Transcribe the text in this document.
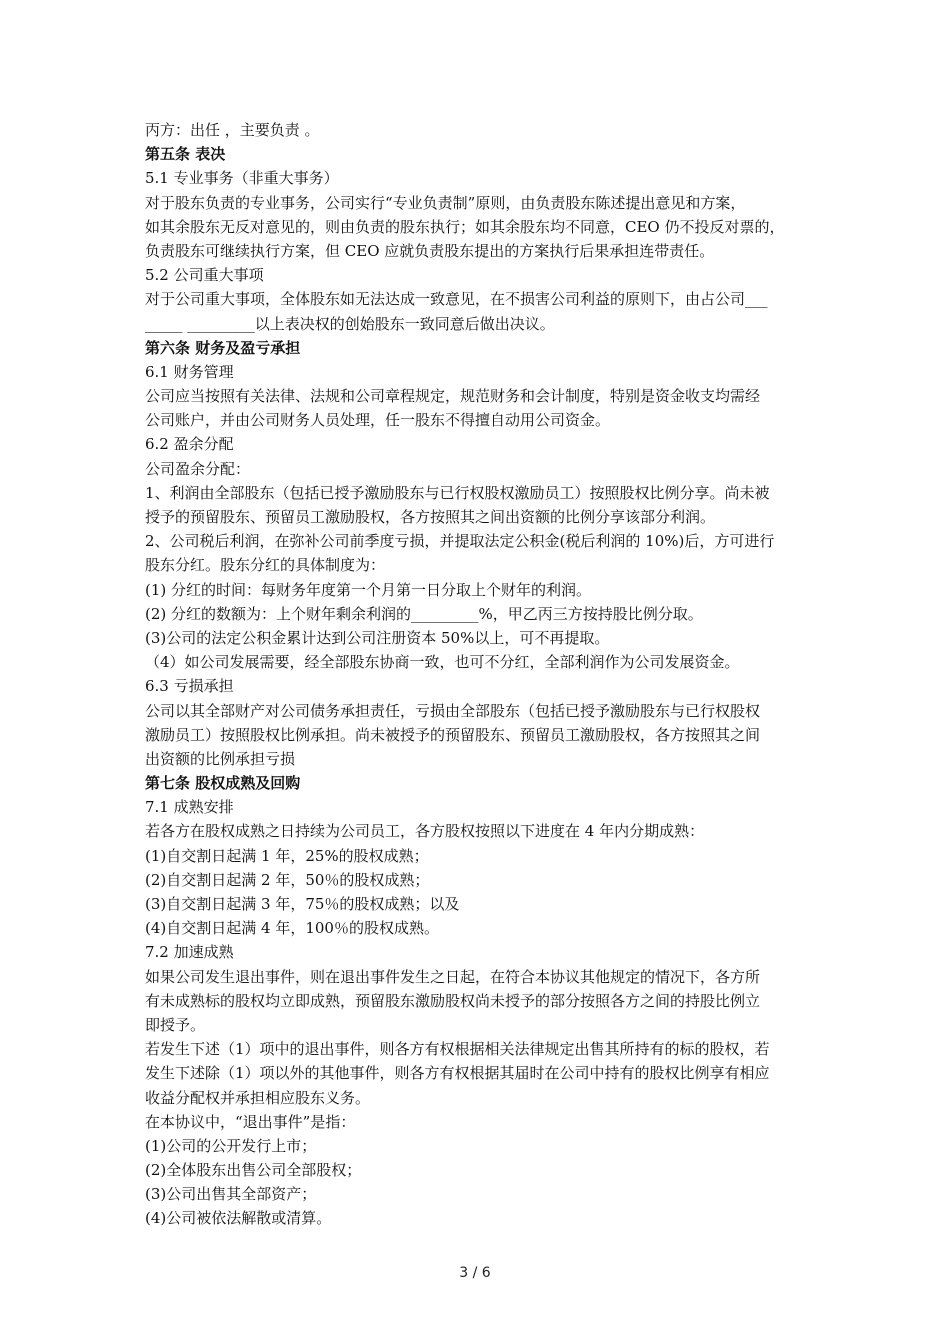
丙方：出任 ，主要负责 。
第五条 表决
5.1 专业事务（非重大事务）
对于股东负责的专业事务，公司实行“专业负责制”原则，由负责股东陈述提出意见和方案，
如其余股东无反对意见的，则由负责的股东执行；如其余股东均不同意，CEO 仍不投反对票的，
负责股东可继续执行方案，但 CEO 应就负责股东提出的方案执行后果承担连带责任。
5.2 公司重大事项
对于公司重大事项，全体股东如无法达成一致意见，在不损害公司利益的原则下，由占公司___
_____ _________以上表决权的创始股东一致同意后做出决议。
第六条 财务及盈亏承担
6.1 财务管理
公司应当按照有关法律、法规和公司章程规定，规范财务和会计制度，特别是资金收支均需经
公司账户，并由公司财务人员处理，任一股东不得擅自动用公司资金。
6.2 盈余分配
公司盈余分配：
1、利润由全部股东（包括已授予激励股东与已行权股权激励员工）按照股权比例分享。尚未被
授予的预留股东、预留员工激励股权，各方按照其之间出资额的比例分享该部分利润。
2、公司税后利润，在弥补公司前季度亏损，并提取法定公积金(税后利润的 10%)后，方可进行
股东分红。股东分红的具体制度为：
(1) 分红的时间：每财务年度第一个月第一日分取上个财年的利润。
(2) 分红的数额为：上个财年剩余利润的_________%，甲乙丙三方按持股比例分取。
(3)公司的法定公积金累计达到公司注册资本 50%以上，可不再提取。
（4）如公司发展需要，经全部股东协商一致，也可不分红，全部利润作为公司发展资金。
6.3 亏损承担
公司以其全部财产对公司债务承担责任，亏损由全部股东（包括已授予激励股东与已行权股权
激励员工）按照股权比例承担。尚未被授予的预留股东、预留员工激励股权，各方按照其之间
出资额的比例承担亏损
第七条 股权成熟及回购
7.1 成熟安排
若各方在股权成熟之日持续为公司员工，各方股权按照以下进度在 4 年内分期成熟：
(1)自交割日起满 1 年，25%的股权成熟；
(2)自交割日起满 2 年，50％的股权成熟；
(3)自交割日起满 3 年，75％的股权成熟；以及
(4)自交割日起满 4 年，100％的股权成熟。
7.2 加速成熟
如果公司发生退出事件，则在退出事件发生之日起，在符合本协议其他规定的情况下，各方所
有未成熟标的股权均立即成熟，预留股东激励股权尚未授予的部分按照各方之间的持股比例立
即授予。
若发生下述（1）项中的退出事件，则各方有权根据相关法律规定出售其所持有的标的股权，若
发生下述除（1）项以外的其他事件，则各方有权根据其届时在公司中持有的股权比例享有相应
收益分配权并承担相应股东义务。
在本协议中，“退出事件”是指：
(1)公司的公开发行上市；
(2)全体股东出售公司全部股权；
(3)公司出售其全部资产；
(4)公司被依法解散或清算。
3 / 6
